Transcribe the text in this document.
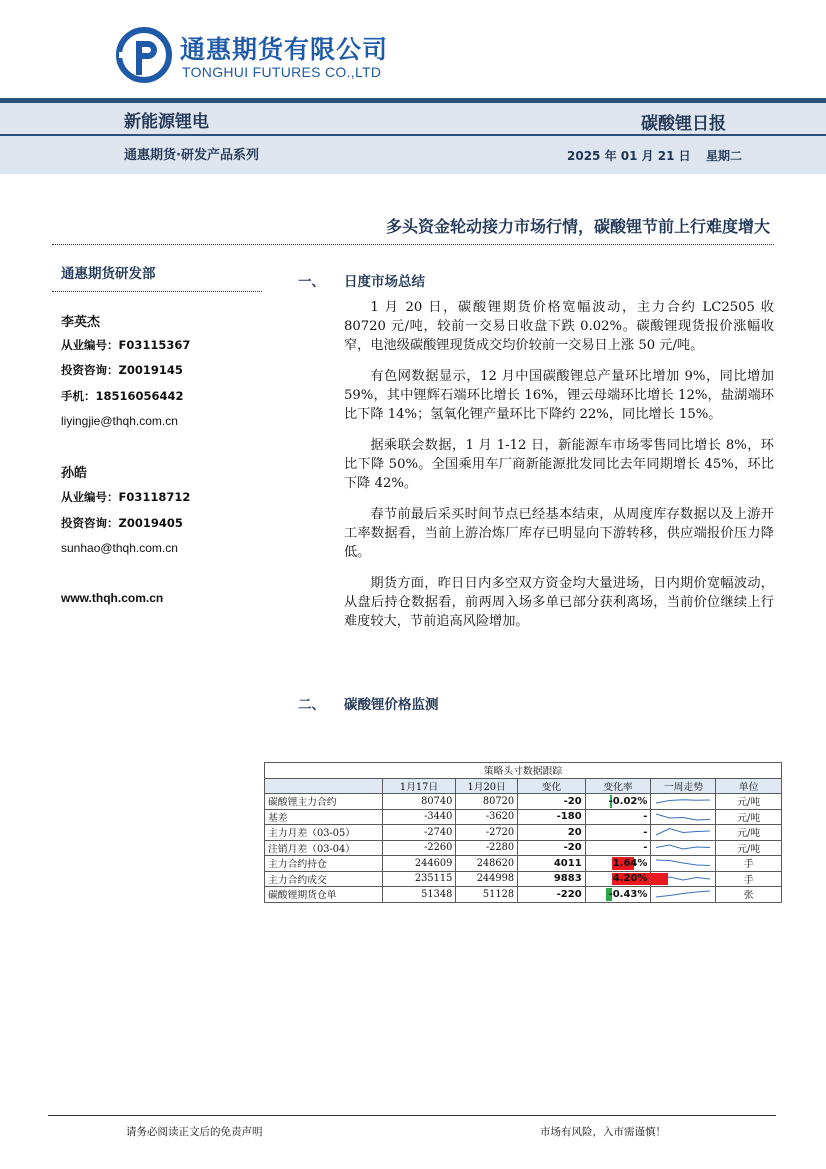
通惠期货有限公司
TONGHUI FUTURES CO.,LTD
新能源锂电	碳酸锂日报
通惠期货·研发产品系列	2025 年 01 月 21 日 星期二
多头资金轮动接力市场行情，碳酸锂节前上行难度增大
通惠期货研发部
李英杰
从业编号：F03115367
投资咨询：Z0019145
手机：18516056442
liyingjie@thqh.com.cn
孙皓
从业编号：F03118712
投资咨询：Z0019405
sunhao@thqh.com.cn
www.thqh.com.cn
一、 日度市场总结

1 月 20 日，碳酸锂期货价格宽幅波动，主力合约 LC2505 收 80720 元/吨，较前一交易日收盘下跌 0.02%。碳酸锂现货报价涨幅收窄，电池级碳酸锂现货成交均价较前一交易日上涨 50 元/吨。

有色网数据显示，12 月中国碳酸锂总产量环比增加 9%，同比增加 59%，其中锂辉石端环比增长 16%，锂云母端环比增长 12%，盐湖端环比下降 14%；氢氧化锂产量环比下降约 22%，同比增长 15%。

据乘联会数据，1 月 1-12 日，新能源车市场零售同比增长 8%，环比下降 50%。全国乘用车厂商新能源批发同比去年同期增长 45%，环比下降 42%。

春节前最后采买时间节点已经基本结束，从周度库存数据以及上游开工率数据看，当前上游冶炼厂库存已明显向下游转移，供应端报价压力降低。

期货方面，昨日日内多空双方资金均大量进场，日内期价宽幅波动，从盘后持仓数据看，前两周入场多单已部分获利离场，当前价位继续上行难度较大，节前追高风险增加。

二、 碳酸锂价格监测
策略头寸数据跟踪						
	1月17日	1月20日	变化	变化率	一周走势	单位
碳酸锂主力合约	80740	80720	-20	-0.02%		元/吨
基差	-3440	-3620	-180	-		元/吨
主力月差（03-05）	-2740	-2720	20	-		元/吨
注销月差（03-04）	-2260	-2280	-20	-		元/吨
主力合约持仓	244609	248620	4011	1.64%		手
主力合约成交	235115	244998	9883	4.20%		手
碳酸锂期货仓单	51348	51128	-220	-0.43%		张
请务必阅读正文后的免责声明	市场有风险，入市需谨慎！
